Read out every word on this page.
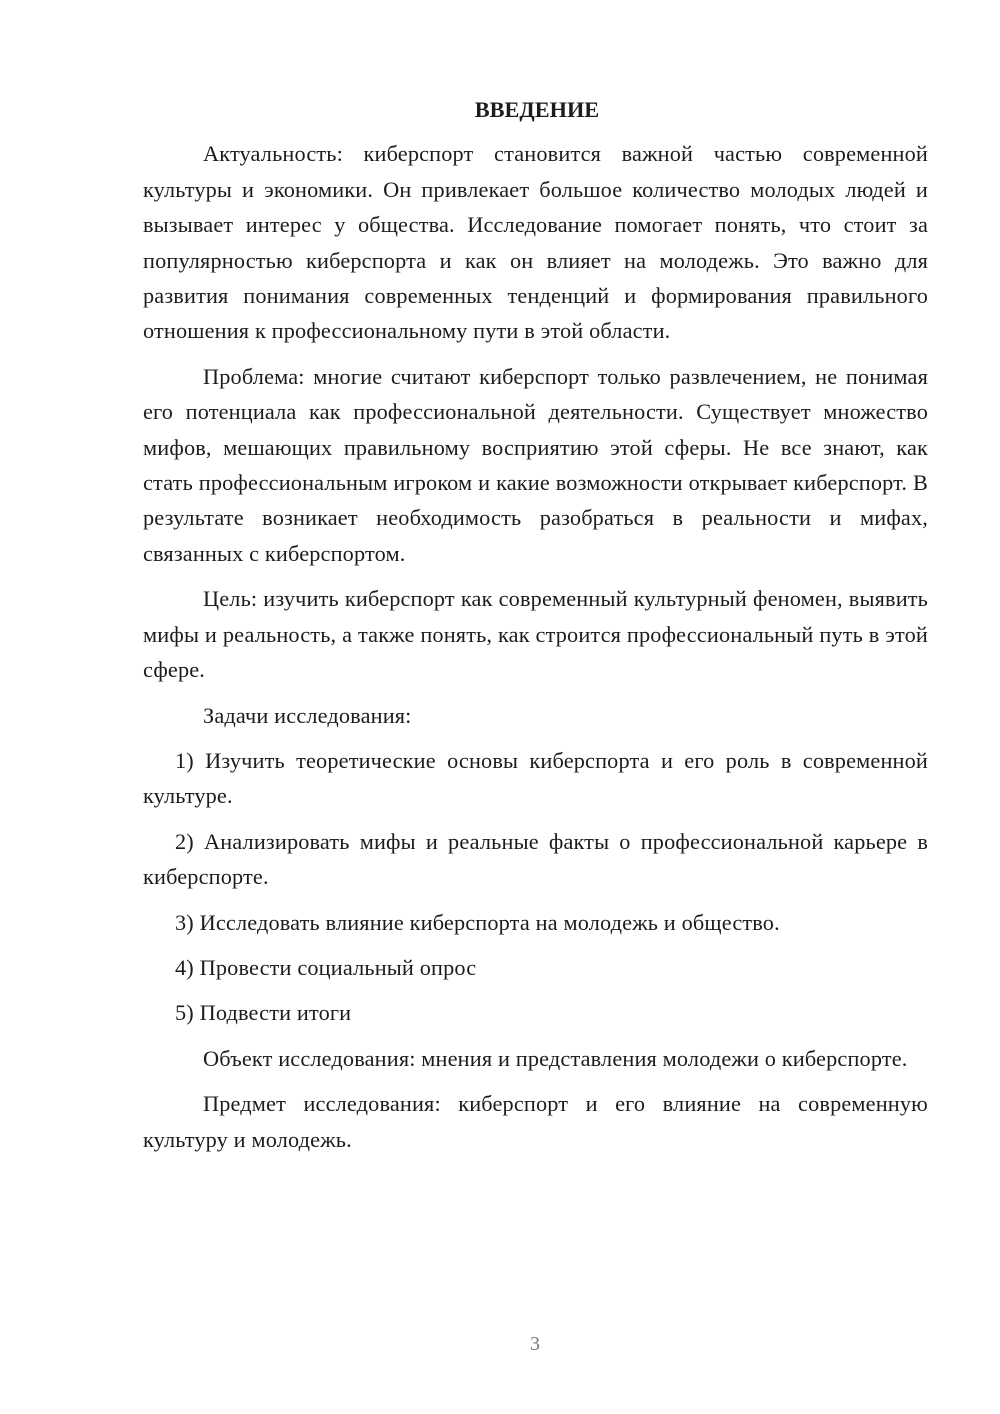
ВВЕДЕНИЕ

Актуальность: киберспорт становится важной частью современной культуры и экономики. Он привлекает большое количество молодых людей и вызывает интерес у общества. Исследование помогает понять, что стоит за популярностью киберспорта и как он влияет на молодежь. Это важно для развития понимания современных тенденций и формирования правильного отношения к профессиональному пути в этой области.

Проблема: многие считают киберспорт только развлечением, не понимая его потенциала как профессиональной деятельности. Существует множество мифов, мешающих правильному восприятию этой сферы. Не все знают, как стать профессиональным игроком и какие возможности открывает киберспорт. В результате возникает необходимость разобраться в реальности и мифах, связанных с киберспортом.

Цель: изучить киберспорт как современный культурный феномен, выявить мифы и реальность, а также понять, как строится профессиональный путь в этой сфере.

Задачи исследования:

1) Изучить теоретические основы киберспорта и его роль в современной культуре.

2) Анализировать мифы и реальные факты о профессиональной карьере в киберспорте.

3) Исследовать влияние киберспорта на молодежь и общество.

4) Провести социальный опрос

5) Подвести итоги

Объект исследования: мнения и представления молодежи о киберспорте.

Предмет исследования: киберспорт и его влияние на современную культуру и молодежь.

3
